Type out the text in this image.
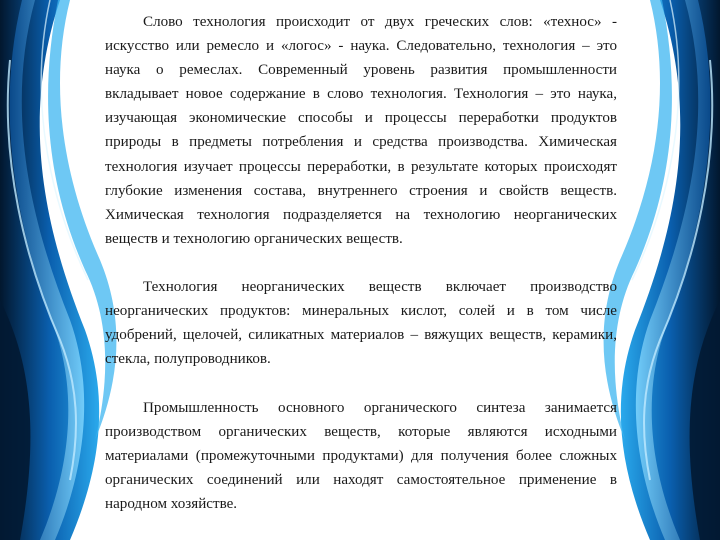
Слово технология происходит от двух греческих слов: «технос» - искусство или ремесло и «логос» - наука. Следовательно, технология – это наука о ремеслах. Современный уровень развития промышленности вкладывает новое содержание в слово технология. Технология – это наука, изучающая экономические способы и процессы переработки продуктов природы в предметы потребления и средства производства. Химическая технология изучает процессы переработки, в результате которых происходят глубокие изменения состава, внутреннего строения и свойств веществ. Химическая технология подразделяется на технологию неорганических веществ и технологию органических веществ.

Технология неорганических веществ включает производство неорганических продуктов: минеральных кислот, солей и в том числе удобрений, щелочей, силикатных материалов – вяжущих веществ, керамики, стекла, полупроводников.

Промышленность основного органического синтеза занимается производством органических веществ, которые являются исходными материалами (промежуточными продуктами) для получения более сложных органических соединений или находят самостоятельное применение в народном хозяйстве.
